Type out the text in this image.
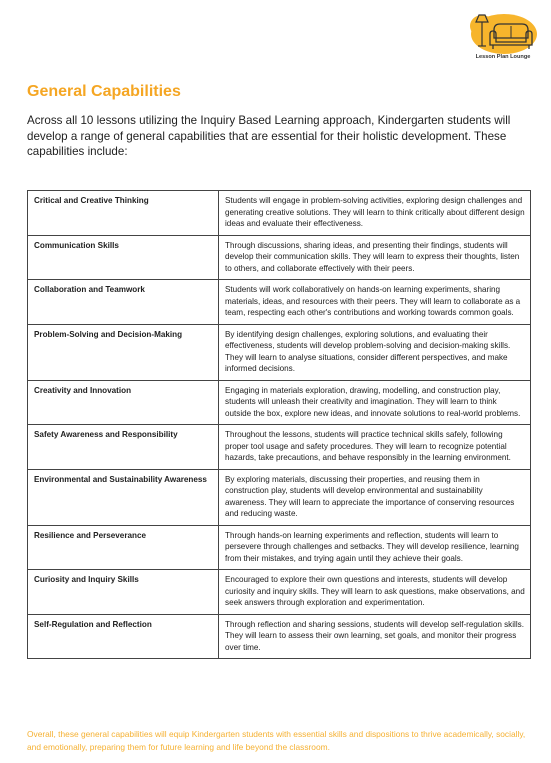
Lesson Plan Lounge
General Capabilities
Across all 10 lessons utilizing the Inquiry Based Learning approach, Kindergarten students will develop a range of general capabilities that are essential for their holistic development. These capabilities include:
Critical and Creative Thinking	Students will engage in problem-solving activities, exploring design challenges and generating creative solutions. They will learn to think critically about different design ideas and evaluate their effectiveness.
Communication Skills	Through discussions, sharing ideas, and presenting their findings, students will develop their communication skills. They will learn to express their thoughts, listen to others, and collaborate effectively with their peers.
Collaboration and Teamwork	Students will work collaboratively on hands-on learning experiments, sharing materials, ideas, and resources with their peers. They will learn to collaborate as a team, respecting each other's contributions and working towards common goals.
Problem-Solving and Decision-Making	By identifying design challenges, exploring solutions, and evaluating their effectiveness, students will develop problem-solving and decision-making skills. They will learn to analyse situations, consider different perspectives, and make informed decisions.
Creativity and Innovation	Engaging in materials exploration, drawing, modelling, and construction play, students will unleash their creativity and imagination. They will learn to think outside the box, explore new ideas, and innovate solutions to real-world problems.
Safety Awareness and Responsibility	Throughout the lessons, students will practice technical skills safely, following proper tool usage and safety procedures. They will learn to recognize potential hazards, take precautions, and behave responsibly in the learning environment.
Environmental and Sustainability Awareness	By exploring materials, discussing their properties, and reusing them in construction play, students will develop environmental and sustainability awareness. They will learn to appreciate the importance of conserving resources and reducing waste.
Resilience and Perseverance	Through hands-on learning experiments and reflection, students will learn to persevere through challenges and setbacks. They will develop resilience, learning from their mistakes, and trying again until they achieve their goals.
Curiosity and Inquiry Skills	Encouraged to explore their own questions and interests, students will develop curiosity and inquiry skills. They will learn to ask questions, make observations, and seek answers through exploration and experimentation.
Self-Regulation and Reflection	Through reflection and sharing sessions, students will develop self-regulation skills. They will learn to assess their own learning, set goals, and monitor their progress over time.
Overall, these general capabilities will equip Kindergarten students with essential skills and dispositions to thrive academically, socially, and emotionally, preparing them for future learning and life beyond the classroom.
